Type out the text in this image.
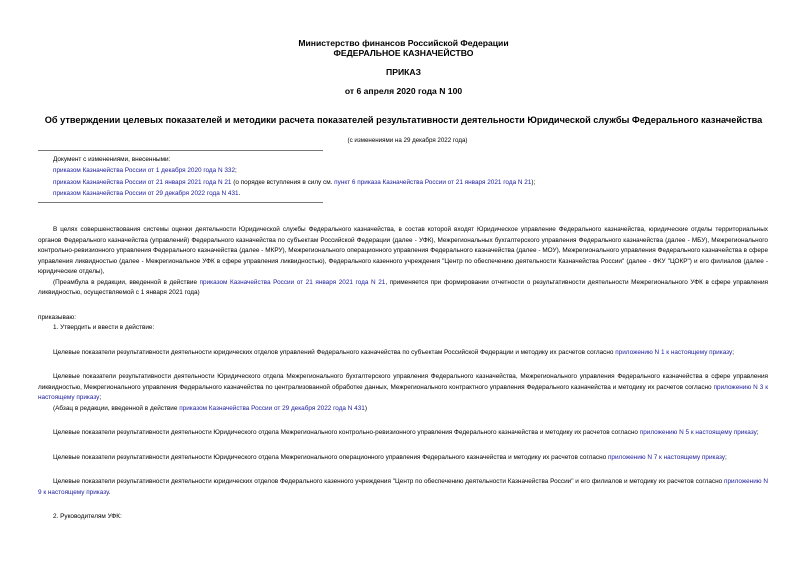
Министерство финансов Российской Федерации
ФЕДЕРАЛЬНОЕ КАЗНАЧЕЙСТВО
ПРИКАЗ
от 6 апреля 2020 года N 100
Об утверждении целевых показателей и методики расчета показателей результативности деятельности Юридической службы Федерального казначейства
(с изменениями на 29 декабря 2022 года)
Документ с изменениями, внесенными:
приказом Казначейства России от 1 декабря 2020 года N 332;
приказом Казначейства России от 21 января 2021 года N 21 (о порядке вступления в силу см. пункт 6 приказа Казначейства России от 21 января 2021 года N 21);
приказом Казначейства России от 29 декабря 2022 года N 431.

В целях совершенствования системы оценки деятельности Юридической службы Федерального казначейства, в состав которой входят Юридическое управление Федерального казначейства, юридические отделы территориальных органов Федерального казначейства (управлений) Федерального казначейства по субъектам Российской Федерации (далее - УФК), Межрегиональных бухгалтерского управления Федерального казначейства (далее - МБУ), Межрегионального контрольно-ревизионного управления Федерального казначейства (далее - МКРУ), Межрегионального операционного управления Федерального казначейства (далее - МОУ), Межрегионального управления Федерального казначейства в сфере управления ликвидностью (далее - Межрегиональное УФК в сфере управления ликвидностью), Федерального казенного учреждения "Центр по обеспечению деятельности Казначейства России" (далее - ФКУ "ЦОКР") и его филиалов (далее - юридические отделы),

(Преамбула в редакции, введенной в действие приказом Казначейства России от 21 января 2021 года N 21, применяется при формировании отчетности о результативности деятельности Межрегионального УФК в сфере управления ликвидностью, осуществляемой с 1 января 2021 года)

приказываю:

1. Утвердить и ввести в действие:

Целевые показатели результативности деятельности юридических отделов управлений Федерального казначейства по субъектам Российской Федерации и методику их расчетов согласно приложению N 1 к настоящему приказу;

Целевые показатели результативности деятельности Юридического отдела Межрегионального бухгалтерского управления Федерального казначейства, Межрегионального управления Федерального казначейства в сфере управления ликвидностью, Межрегионального управления Федерального казначейства по централизованной обработке данных, Межрегионального контрактного управления Федерального казначейства и методику их расчетов согласно приложению N 3 к настоящему приказу;

(Абзац в редакции, введенной в действие приказом Казначейства России от 29 декабря 2022 года N 431)

Целевые показатели результативности деятельности Юридического отдела Межрегионального контрольно-ревизионного управления Федерального казначейства и методику их расчетов согласно приложению N 5 к настоящему приказу;

Целевые показатели результативности деятельности Юридического отдела Межрегионального операционного управления Федерального казначейства и методику их расчетов согласно приложению N 7 к настоящему приказу;

Целевые показатели результативности деятельности юридических отделов Федерального казенного учреждения "Центр по обеспечению деятельности Казначейства России" и его филиалов и методику их расчетов согласно приложению N 9 к настоящему приказу.

2. Руководителям УФК:
